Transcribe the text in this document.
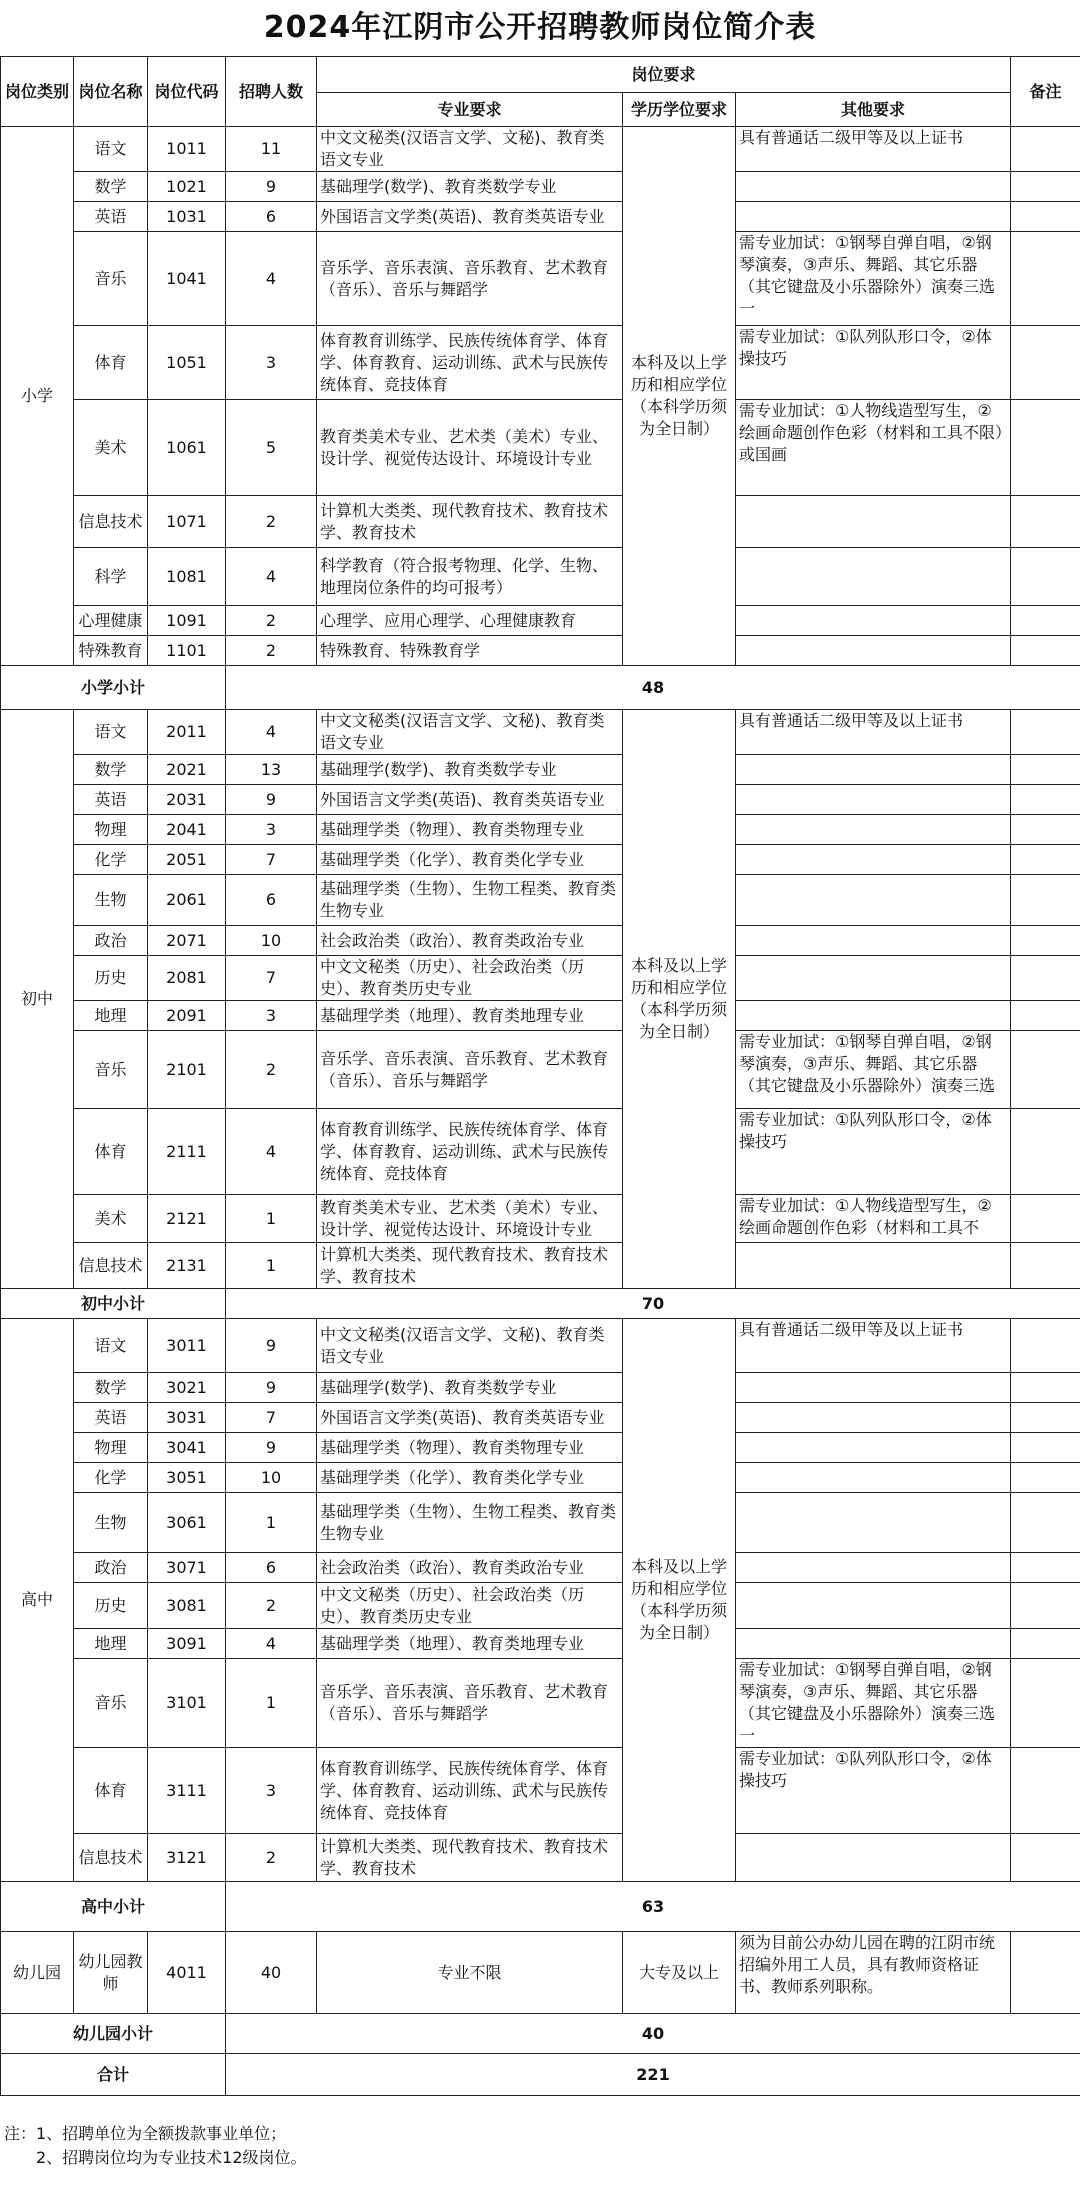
2024年江阴市公开招聘教师岗位简介表
岗位类别	岗位名称	岗位代码	招聘人数	岗位要求			备注
				专业要求	学历学位要求	其他要求	
小学	语文	1011	11	中文文秘类(汉语言文学、文秘)、教育类语文专业	本科及以上学历和相应学位（本科学历须为全日制）	具有普通话二级甲等及以上证书	
	数学	1021	9	基础理学(数学)、教育类数学专业			
	英语	1031	6	外国语言文学类(英语)、教育类英语专业			
	音乐	1041	4	音乐学、音乐表演、音乐教育、艺术教育（音乐）、音乐与舞蹈学		需专业加试：①钢琴自弹自唱，②钢琴演奏，③声乐、舞蹈、其它乐器（其它键盘及小乐器除外）演奏三选一	
	体育	1051	3	体育教育训练学、民族传统体育学、体育学、体育教育、运动训练、武术与民族传统体育、竞技体育		需专业加试：①队列队形口令，②体操技巧	
	美术	1061	5	教育类美术专业、艺术类（美术）专业、设计学、视觉传达设计、环境设计专业		需专业加试：①人物线造型写生，②绘画命题创作色彩（材料和工具不限）或国画	
	信息技术	1071	2	计算机大类类、现代教育技术、教育技术学、教育技术			
	科学	1081	4	科学教育（符合报考物理、化学、生物、地理岗位条件的均可报考）			
	心理健康	1091	2	心理学、应用心理学、心理健康教育			
	特殊教育	1101	2	特殊教育、特殊教育学			
小学小计			48				
初中	语文	2011	4	中文文秘类(汉语言文学、文秘)、教育类语文专业	本科及以上学历和相应学位（本科学历须为全日制）	具有普通话二级甲等及以上证书	
	数学	2021	13	基础理学(数学)、教育类数学专业			
	英语	2031	9	外国语言文学类(英语)、教育类英语专业			
	物理	2041	3	基础理学类（物理）、教育类物理专业			
	化学	2051	7	基础理学类（化学）、教育类化学专业			
	生物	2061	6	基础理学类（生物）、生物工程类、教育类生物专业			
	政治	2071	10	社会政治类（政治）、教育类政治专业			
	历史	2081	7	中文文秘类（历史）、社会政治类（历史）、教育类历史专业			
	地理	2091	3	基础理学类（地理）、教育类地理专业			
	音乐	2101	2	音乐学、音乐表演、音乐教育、艺术教育（音乐）、音乐与舞蹈学		需专业加试：①钢琴自弹自唱，②钢琴演奏，③声乐、舞蹈、其它乐器（其它键盘及小乐器除外）演奏三选	
	体育	2111	4	体育教育训练学、民族传统体育学、体育学、体育教育、运动训练、武术与民族传统体育、竞技体育		需专业加试：①队列队形口令，②体操技巧	
	美术	2121	1	教育类美术专业、艺术类（美术）专业、设计学、视觉传达设计、环境设计专业		需专业加试：①人物线造型写生，②绘画命题创作色彩（材料和工具不	
	信息技术	2131	1	计算机大类类、现代教育技术、教育技术学、教育技术			
初中小计			70				
高中	语文	3011	9	中文文秘类(汉语言文学、文秘)、教育类语文专业	本科及以上学历和相应学位（本科学历须为全日制）	具有普通话二级甲等及以上证书	
	数学	3021	9	基础理学(数学)、教育类数学专业			
	英语	3031	7	外国语言文学类(英语)、教育类英语专业			
	物理	3041	9	基础理学类（物理）、教育类物理专业			
	化学	3051	10	基础理学类（化学）、教育类化学专业			
	生物	3061	1	基础理学类（生物）、生物工程类、教育类生物专业			
	政治	3071	6	社会政治类（政治）、教育类政治专业			
	历史	3081	2	中文文秘类（历史）、社会政治类（历史）、教育类历史专业			
	地理	3091	4	基础理学类（地理）、教育类地理专业			
	音乐	3101	1	音乐学、音乐表演、音乐教育、艺术教育（音乐）、音乐与舞蹈学		需专业加试：①钢琴自弹自唱，②钢琴演奏，③声乐、舞蹈、其它乐器（其它键盘及小乐器除外）演奏三选一	
	体育	3111	3	体育教育训练学、民族传统体育学、体育学、体育教育、运动训练、武术与民族传统体育、竞技体育		需专业加试：①队列队形口令，②体操技巧	
	信息技术	3121	2	计算机大类类、现代教育技术、教育技术学、教育技术			
高中小计			63				
幼儿园	幼儿园教师	4011	40	专业不限	大专及以上	须为目前公办幼儿园在聘的江阴市统招编外用工人员，具有教师资格证书、教师系列职称。	
幼儿园小计			40				
合计			221				
注：1、招聘单位为全额拨款事业单位；
　　2、招聘岗位均为专业技术12级岗位。
